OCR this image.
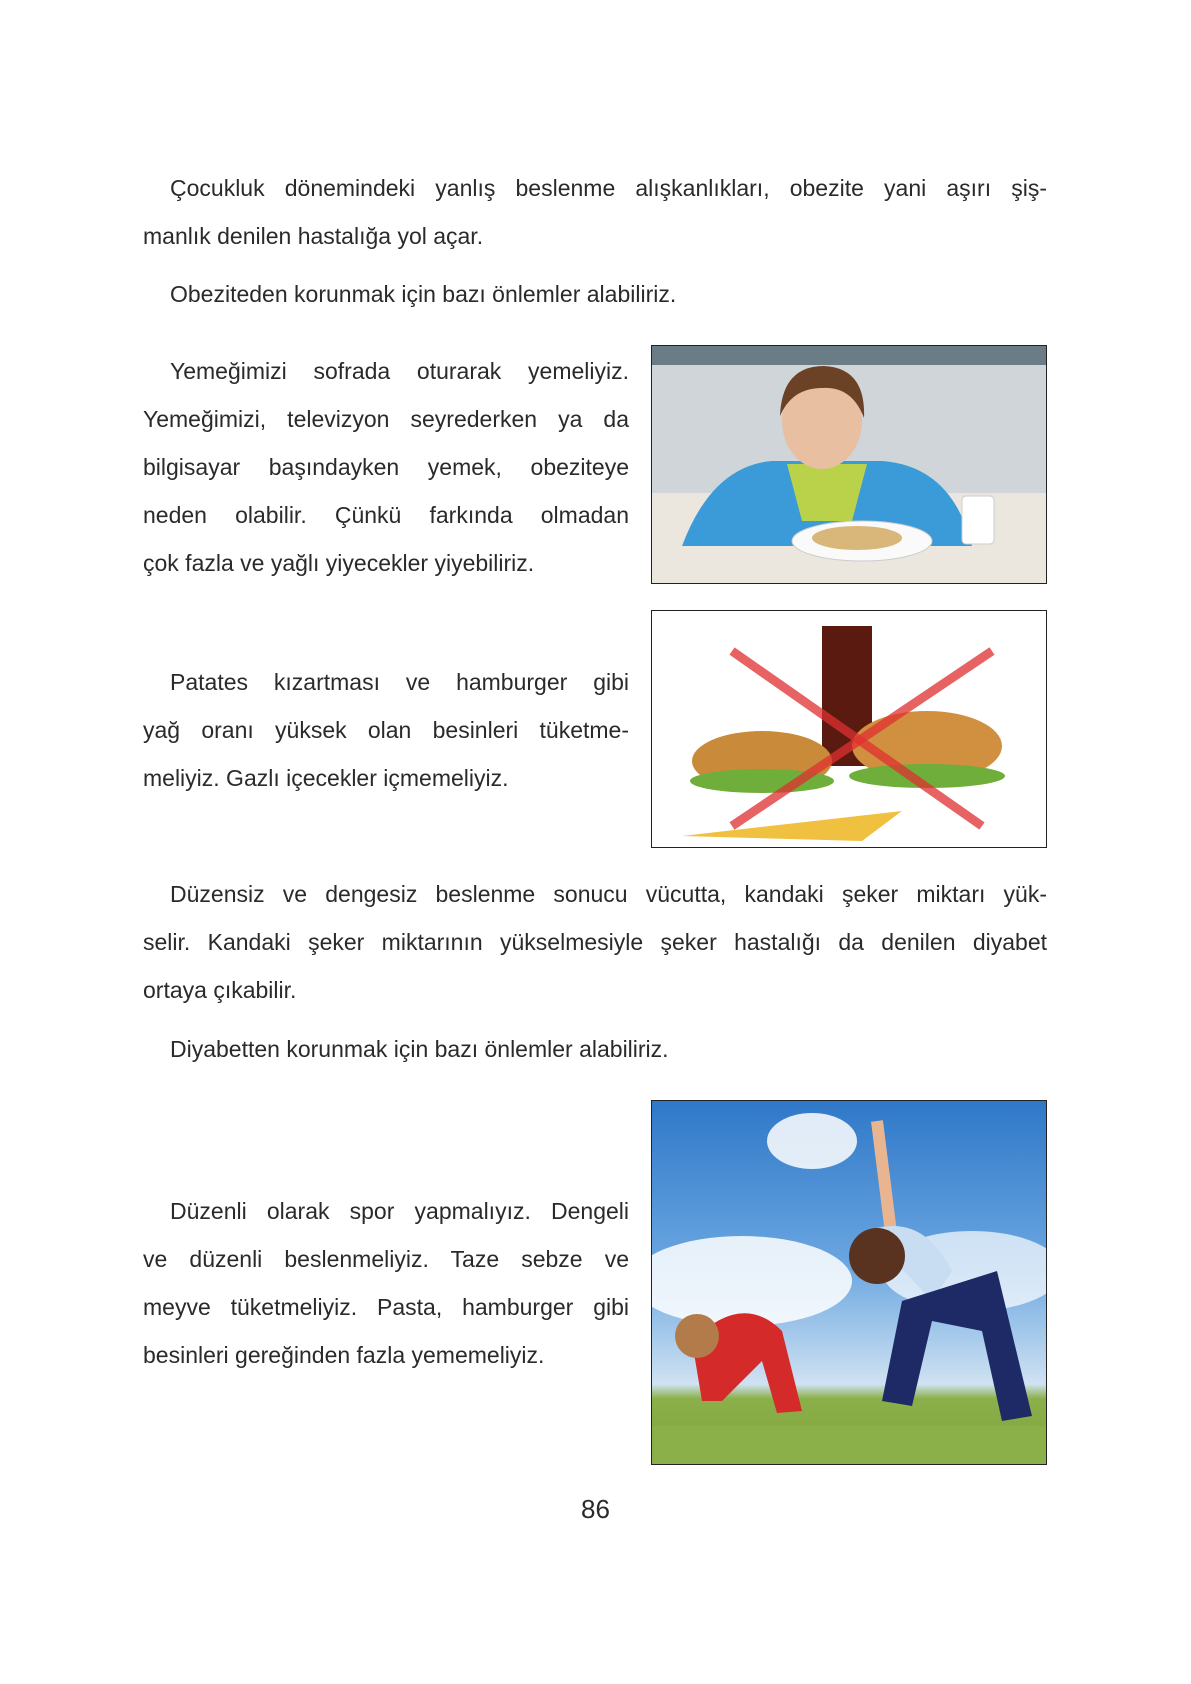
Çocukluk dönemindeki yanlış beslenme alışkanlıkları, obezite yani aşırı şiş-
manlık denilen hastalığa yol açar.
Obeziteden korunmak için bazı önlemler alabiliriz.
Yemeğimizi sofrada oturarak yemeliyiz.
Yemeğimizi, televizyon seyrederken ya da
bilgisayar başındayken yemek, obeziteye
neden olabilir. Çünkü farkında olmadan
çok fazla ve yağlı yiyecekler yiyebiliriz.
Patates kızartması ve hamburger gibi
yağ oranı yüksek olan besinleri tüketme-
meliyiz. Gazlı içecekler içmemeliyiz.
Düzensiz ve dengesiz beslenme sonucu vücutta, kandaki şeker miktarı yük-
selir. Kandaki şeker miktarının yükselmesiyle şeker hastalığı da denilen diyabet
ortaya çıkabilir.
Diyabetten korunmak için bazı önlemler alabiliriz.
Düzenli olarak spor yapmalıyız. Dengeli
ve düzenli beslenmeliyiz. Taze sebze ve
meyve tüketmeliyiz. Pasta, hamburger gibi
besinleri gereğinden fazla yememeliyiz.
86
